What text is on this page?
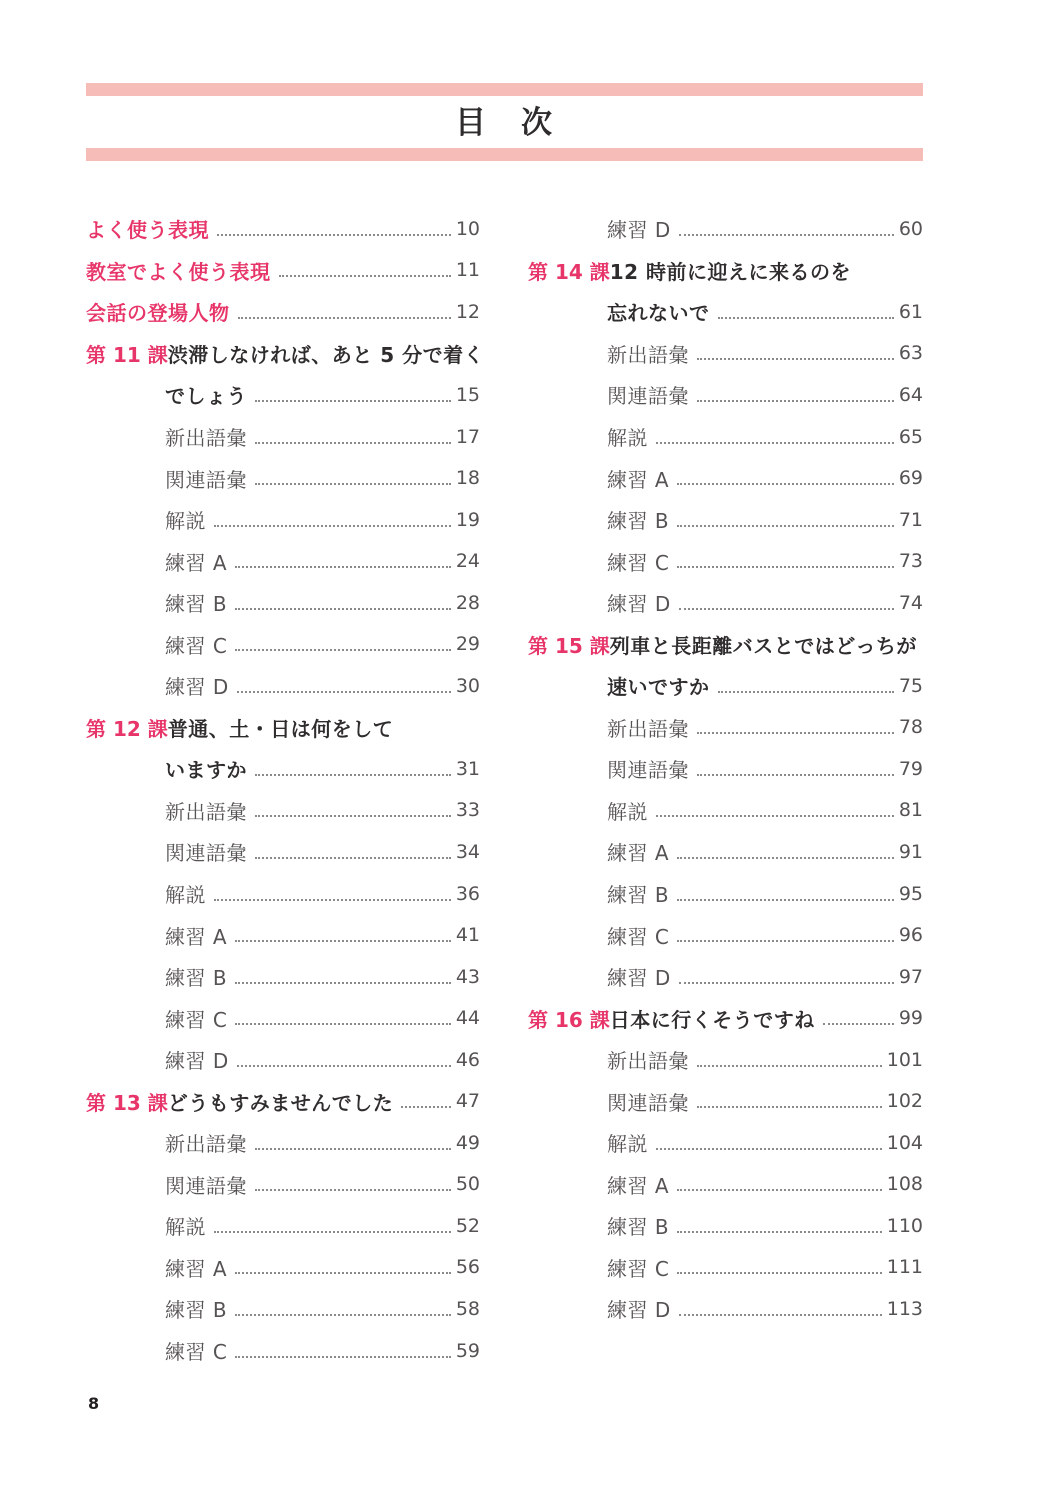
目　次
よく使う表現	10
教室でよく使う表現	11
会話の登場人物	12
第 11 課 渋滞しなければ、あと 5 分で着く
でしょう	15
新出語彙	17
関連語彙	18
解説	19
練習 A	24
練習 B	28
練習 C	29
練習 D	30
第 12 課 普通、土・日は何をして
いますか	31
新出語彙	33
関連語彙	34
解説	36
練習 A	41
練習 B	43
練習 C	44
練習 D	46
第 13 課 どうもすみませんでした	47
新出語彙	49
関連語彙	50
解説	52
練習 A	56
練習 B	58
練習 C	59
練習 D	60
第 14 課 12 時前に迎えに来るのを
忘れないで	61
新出語彙	63
関連語彙	64
解説	65
練習 A	69
練習 B	71
練習 C	73
練習 D	74
第 15 課 列車と長距離バスとではどっちが
速いですか	75
新出語彙	78
関連語彙	79
解説	81
練習 A	91
練習 B	95
練習 C	96
練習 D	97
第 16 課 日本に行くそうですね	99
新出語彙	101
関連語彙	102
解説	104
練習 A	108
練習 B	110
練習 C	111
練習 D	113
8
